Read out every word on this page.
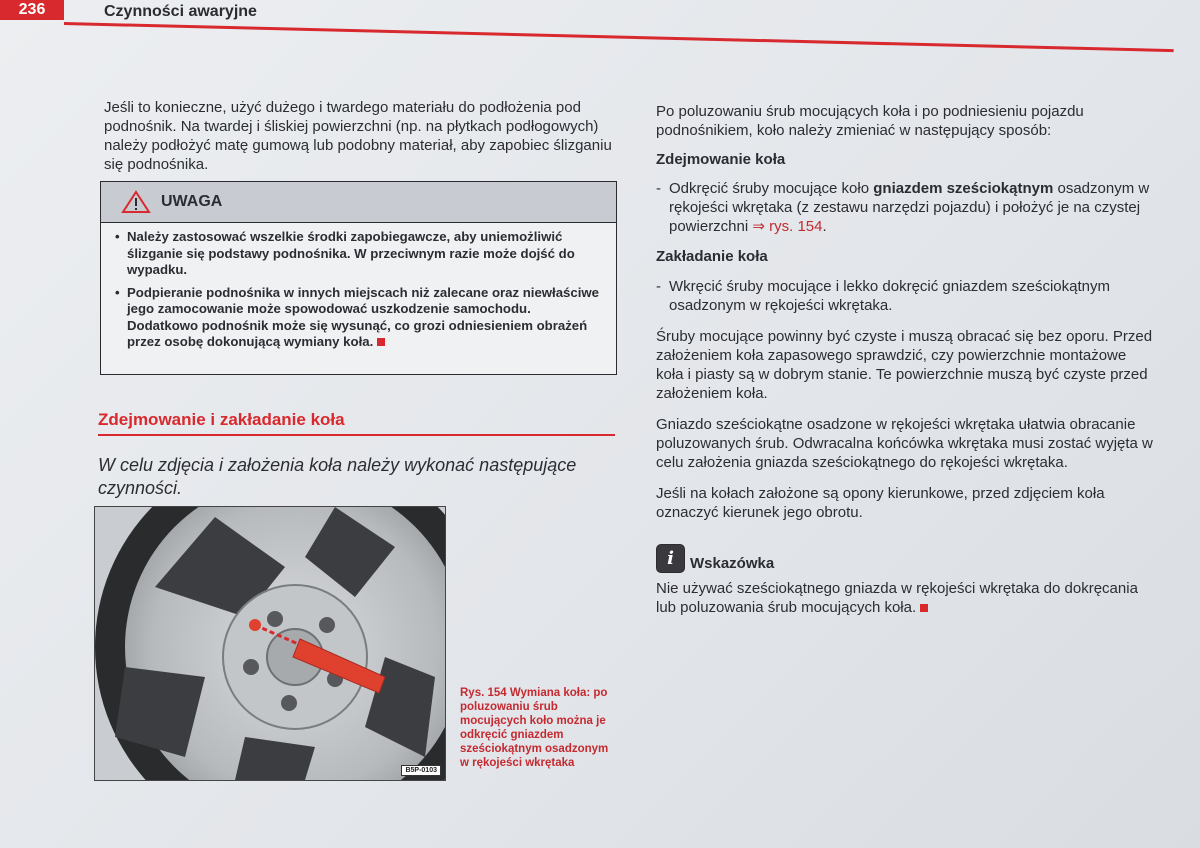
236	Czynności awaryjne

Jeśli to konieczne, użyć dużego i twardego materiału do podłożenia pod podnośnik. Na twardej i śliskiej powierzchni (np. na płytkach podłogowych) należy podłożyć matę gumową lub podobny materiał, aby zapobiec ślizganiu się podnośnika.

UWAGA
• Należy zastosować wszelkie środki zapobiegawcze, aby uniemożliwić ślizganie się podstawy podnośnika. W przeciwnym razie może dojść do wypadku.
• Podpieranie podnośnika w innych miejscach niż zalecane oraz niewłaściwe jego zamocowanie może spowodować uszkodzenie samochodu. Dodatkowo podnośnik może się wysunąć, co grozi odniesieniem obrażeń przez osobę dokonującą wymiany koła.
Zdejmowanie i zakładanie koła

W celu zdjęcia i założenia koła należy wykonać następujące czynności.

B5P-0103

Rys. 154 Wymiana koła: po poluzowaniu śrub mocujących koło można je odkręcić gniazdem sześciokątnym osadzonym w rękojeści wkrętaka

Po poluzowaniu śrub mocujących koła i po podniesieniu pojazdu podnośnikiem, koło należy zmieniać w następujący sposób:

Zdejmowanie koła

- Odkręcić śruby mocujące koło gniazdem sześciokątnym osadzonym w rękojeści wkrętaka (z zestawu narzędzi pojazdu) i położyć je na czystej powierzchni ⇒ rys. 154.

Zakładanie koła

- Wkręcić śruby mocujące i lekko dokręcić gniazdem sześciokątnym osadzonym w rękojeści wkrętaka.

Śruby mocujące powinny być czyste i muszą obracać się bez oporu. Przed założeniem koła zapasowego sprawdzić, czy powierzchnie montażowe koła i piasty są w dobrym stanie. Te powierzchnie muszą być czyste przed założeniem koła.

Gniazdo sześciokątne osadzone w rękojeści wkrętaka ułatwia obracanie poluzowanych śrub. Odwracalna końcówka wkrętaka musi zostać wyjęta w celu założenia gniazda sześciokątnego do rękojeści wkrętaka.

Jeśli na kołach założone są opony kierunkowe, przed zdjęciem koła oznaczyć kierunek jego obrotu.

i	Wskazówka

Nie używać sześciokątnego gniazda w rękojeści wkrętaka do dokręcania lub poluzowania śrub mocujących koła.
